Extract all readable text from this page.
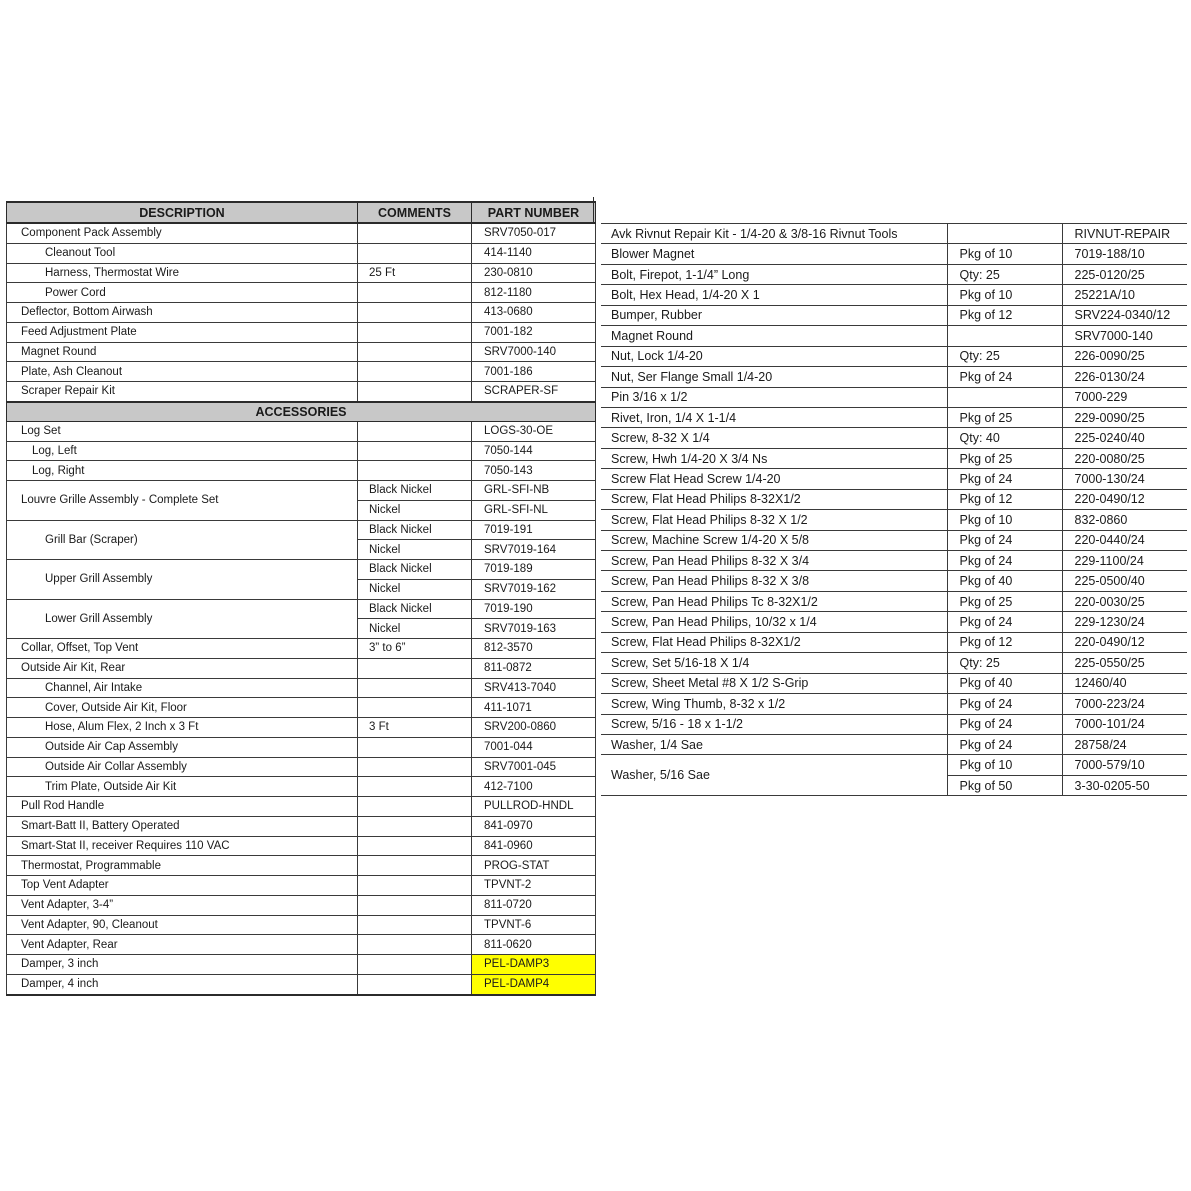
DESCRIPTION	COMMENTS	PART NUMBER
Component Pack Assembly		SRV7050-017
Cleanout Tool		414-1140
Harness, Thermostat Wire	25 Ft	230-0810
Power Cord		812-1180
Deflector, Bottom Airwash		413-0680
Feed Adjustment Plate		7001-182
Magnet Round		SRV7000-140
Plate, Ash Cleanout		7001-186
Scraper Repair Kit		SCRAPER-SF
ACCESSORIES		
Log Set		LOGS-30-OE
Log, Left		7050-144
Log, Right		7050-143
Louvre Grille Assembly - Complete Set	Black Nickel	GRL-SFI-NB
	Nickel	GRL-SFI-NL
Grill Bar (Scraper)	Black Nickel	7019-191
	Nickel	SRV7019-164
Upper Grill Assembly	Black Nickel	7019-189
	Nickel	SRV7019-162
Lower Grill Assembly	Black Nickel	7019-190
	Nickel	SRV7019-163
Collar, Offset, Top Vent	3” to 6”	812-3570
Outside Air Kit, Rear		811-0872
Channel, Air Intake		SRV413-7040
Cover, Outside Air Kit, Floor		411-1071
Hose, Alum Flex, 2 Inch x 3 Ft	3 Ft	SRV200-0860
Outside Air Cap Assembly		7001-044
Outside Air Collar Assembly		SRV7001-045
Trim Plate, Outside Air Kit		412-7100
Pull Rod Handle		PULLROD-HNDL
Smart-Batt II, Battery Operated		841-0970
Smart-Stat II, receiver Requires 110 VAC		841-0960
Thermostat, Programmable		PROG-STAT
Top Vent Adapter		TPVNT-2
Vent Adapter, 3-4”		811-0720
Vent Adapter, 90, Cleanout		TPVNT-6
Vent Adapter, Rear		811-0620
Damper, 3 inch		PEL-DAMP3
Damper, 4 inch		PEL-DAMP4
Avk Rivnut Repair Kit - 1/4-20 & 3/8-16 Rivnut Tools		RIVNUT-REPAIR
Blower Magnet	Pkg of 10	7019-188/10
Bolt, Firepot, 1-1/4” Long	Qty: 25	225-0120/25
Bolt, Hex Head, 1/4-20 X 1	Pkg of 10	25221A/10
Bumper, Rubber	Pkg of 12	SRV224-0340/12
Magnet Round		SRV7000-140
Nut, Lock 1/4-20	Qty: 25	226-0090/25
Nut, Ser Flange Small 1/4-20	Pkg of 24	226-0130/24
Pin 3/16 x 1/2		7000-229
Rivet, Iron, 1/4 X 1-1/4	Pkg of 25	229-0090/25
Screw, 8-32 X 1/4	Qty: 40	225-0240/40
Screw, Hwh 1/4-20 X 3/4 Ns	Pkg of 25	220-0080/25
Screw Flat Head Screw 1/4-20	Pkg of 24	7000-130/24
Screw, Flat Head Philips 8-32X1/2	Pkg of 12	220-0490/12
Screw, Flat Head Philips 8-32 X 1/2	Pkg of 10	832-0860
Screw, Machine Screw 1/4-20 X 5/8	Pkg of 24	220-0440/24
Screw, Pan Head Philips 8-32 X 3/4	Pkg of 24	229-1100/24
Screw, Pan Head Philips 8-32 X 3/8	Pkg of 40	225-0500/40
Screw, Pan Head Philips Tc 8-32X1/2	Pkg of 25	220-0030/25
Screw, Pan Head Philips, 10/32 x 1/4	Pkg of 24	229-1230/24
Screw, Flat Head Philips 8-32X1/2	Pkg of 12	220-0490/12
Screw, Set 5/16-18 X 1/4	Qty: 25	225-0550/25
Screw, Sheet Metal #8 X 1/2 S-Grip	Pkg of 40	12460/40
Screw, Wing Thumb, 8-32 x 1/2	Pkg of 24	7000-223/24
Screw, 5/16 - 18 x 1-1/2	Pkg of 24	7000-101/24
Washer, 1/4 Sae	Pkg of 24	28758/24
Washer, 5/16 Sae	Pkg of 10	7000-579/10
	Pkg of 50	3-30-0205-50
